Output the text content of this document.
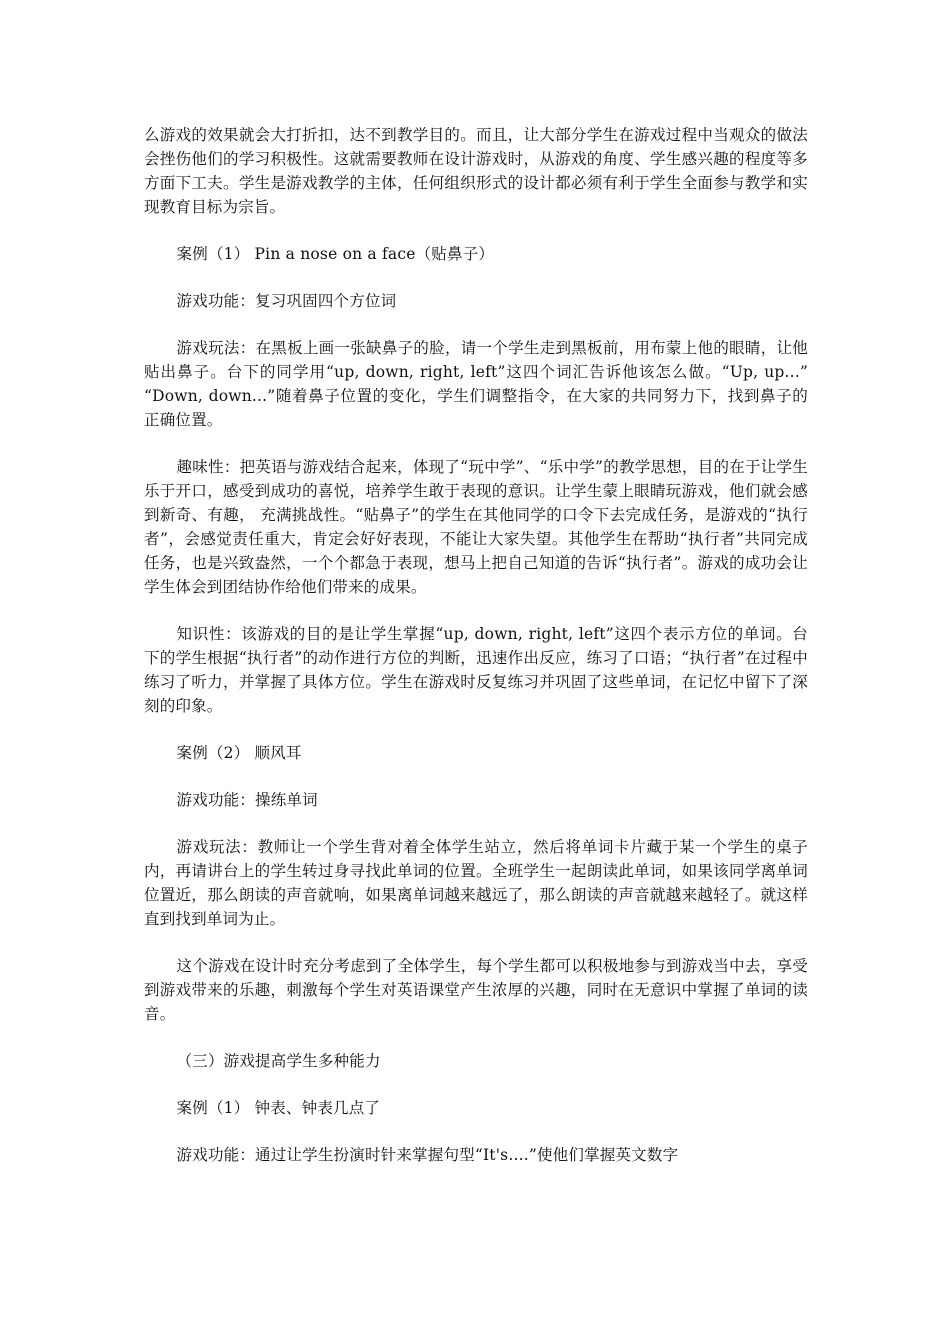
么游戏的效果就会大打折扣，达不到教学目的。而且，让大部分学生在游戏过程中当观众的做法会挫伤他们的学习积极性。这就需要教师在设计游戏时，从游戏的角度、学生感兴趣的程度等多方面下工夫。学生是游戏教学的主体，任何组织形式的设计都必须有利于学生全面参与教学和实现教育目标为宗旨。

案例（1） Pin a nose on a face（贴鼻子）

游戏功能：复习巩固四个方位词

游戏玩法：在黑板上画一张缺鼻子的脸，请一个学生走到黑板前，用布蒙上他的眼睛，让他贴出鼻子。台下的同学用“up, down, right, left”这四个词汇告诉他该怎么做。“Up, up...” “Down, down...”随着鼻子位置的变化，学生们调整指令，在大家的共同努力下，找到鼻子的正确位置。

趣味性：把英语与游戏结合起来，体现了“玩中学”、“乐中学”的教学思想，目的在于让学生乐于开口，感受到成功的喜悦，培养学生敢于表现的意识。让学生蒙上眼睛玩游戏，他们就会感到新奇、有趣， 充满挑战性。“贴鼻子”的学生在其他同学的口令下去完成任务，是游戏的“执行者”，会感觉责任重大，肯定会好好表现，不能让大家失望。其他学生在帮助“执行者”共同完成任务，也是兴致盎然，一个个都急于表现，想马上把自己知道的告诉“执行者”。游戏的成功会让学生体会到团结协作给他们带来的成果。

知识性：该游戏的目的是让学生掌握“up, down, right, left”这四个表示方位的单词。台下的学生根据“执行者”的动作进行方位的判断，迅速作出反应，练习了口语；“执行者”在过程中练习了听力，并掌握了具体方位。学生在游戏时反复练习并巩固了这些单词，在记忆中留下了深刻的印象。

案例（2） 顺风耳

游戏功能：操练单词

游戏玩法：教师让一个学生背对着全体学生站立，然后将单词卡片藏于某一个学生的桌子内，再请讲台上的学生转过身寻找此单词的位置。全班学生一起朗读此单词，如果该同学离单词位置近，那么朗读的声音就响，如果离单词越来越远了，那么朗读的声音就越来越轻了。就这样直到找到单词为止。

这个游戏在设计时充分考虑到了全体学生，每个学生都可以积极地参与到游戏当中去，享受到游戏带来的乐趣，刺激每个学生对英语课堂产生浓厚的兴趣，同时在无意识中掌握了单词的读音。

（三）游戏提高学生多种能力

案例（1） 钟表、钟表几点了

游戏功能：通过让学生扮演时针来掌握句型“It's....”使他们掌握英文数字
